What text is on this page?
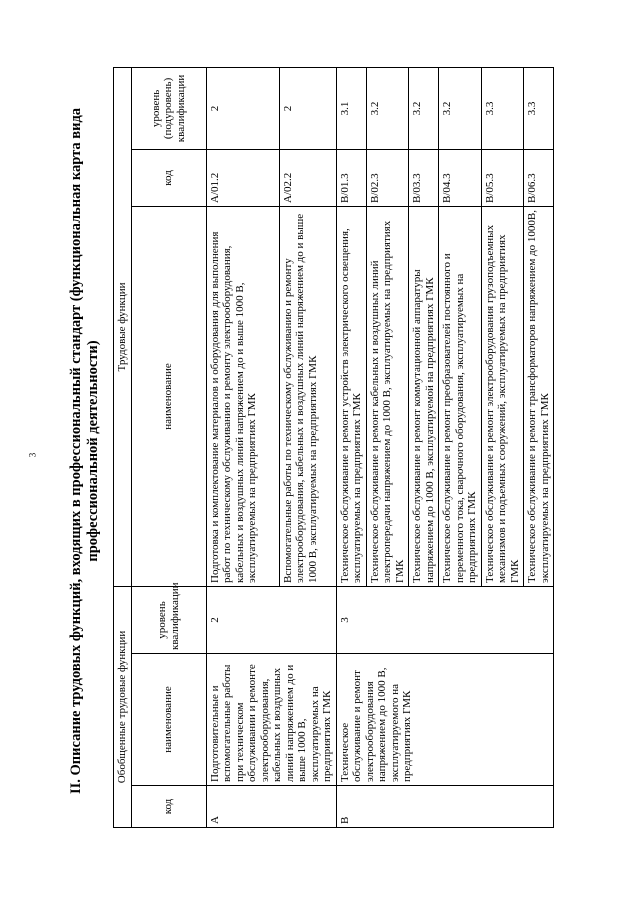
3 II. Описание трудовых функций, входящих в профессиональный стандарт (функциональная карта вида профессиональной деятельности)
Обобщенные трудовые функции			Трудовые функции		
код	наименование	уровень квалификации	наименование	код	уровень (подуровень) квалификации
А	Подготовительные и вспомогательные работы при техническом обслуживании и ремонте электрооборудования, кабельных и воздушных линий напряжением до и выше 1000 В, эксплуатируемых на предприятиях ГМК	2	Подготовка и комплектование материалов и оборудования для выполнения работ по техническому обслуживанию и ремонту электрооборудования, кабельных и воздушных линий напряжением до и выше 1000 В, эксплуатируемых на предприятиях ГМК	А/01.2	2
			Вспомогательные работы по техническому обслуживанию и ремонту электрооборудования, кабельных и воздушных линий напряжением до и выше 1000 В, эксплуатируемых на предприятиях ГМК	А/02.2	2
В	Техническое обслуживание и ремонт электрооборудования напряжением до 1000 В, эксплуатируемого на предприятиях ГМК	3	Техническое обслуживание и ремонт устройств электрического освещения, эксплуатируемых на предприятиях ГМК	В/01.3	3.1
			Техническое обслуживание и ремонт кабельных и воздушных линий электропередачи напряжением до 1000 В, эксплуатируемых на предприятиях ГМК	В/02.3	3.2
			Техническое обслуживание и ремонт коммутационной аппаратуры напряжением до 1000 В, эксплуатируемой на предприятиях ГМК	В/03.3	3.2
			Техническое обслуживание и ремонт преобразователей постоянного и переменного тока, сварочного оборудования, эксплуатируемых на предприятиях ГМК	В/04.3	3.2
			Техническое обслуживание и ремонт электрооборудования грузоподъемных механизмов и подъемных сооружений, эксплуатируемых на предприятиях ГМК	В/05.3	3.3
			Техническое обслуживание и ремонт трансформаторов напряжением до 1000В, эксплуатируемых на предприятиях ГМК	В/06.3	3.3
